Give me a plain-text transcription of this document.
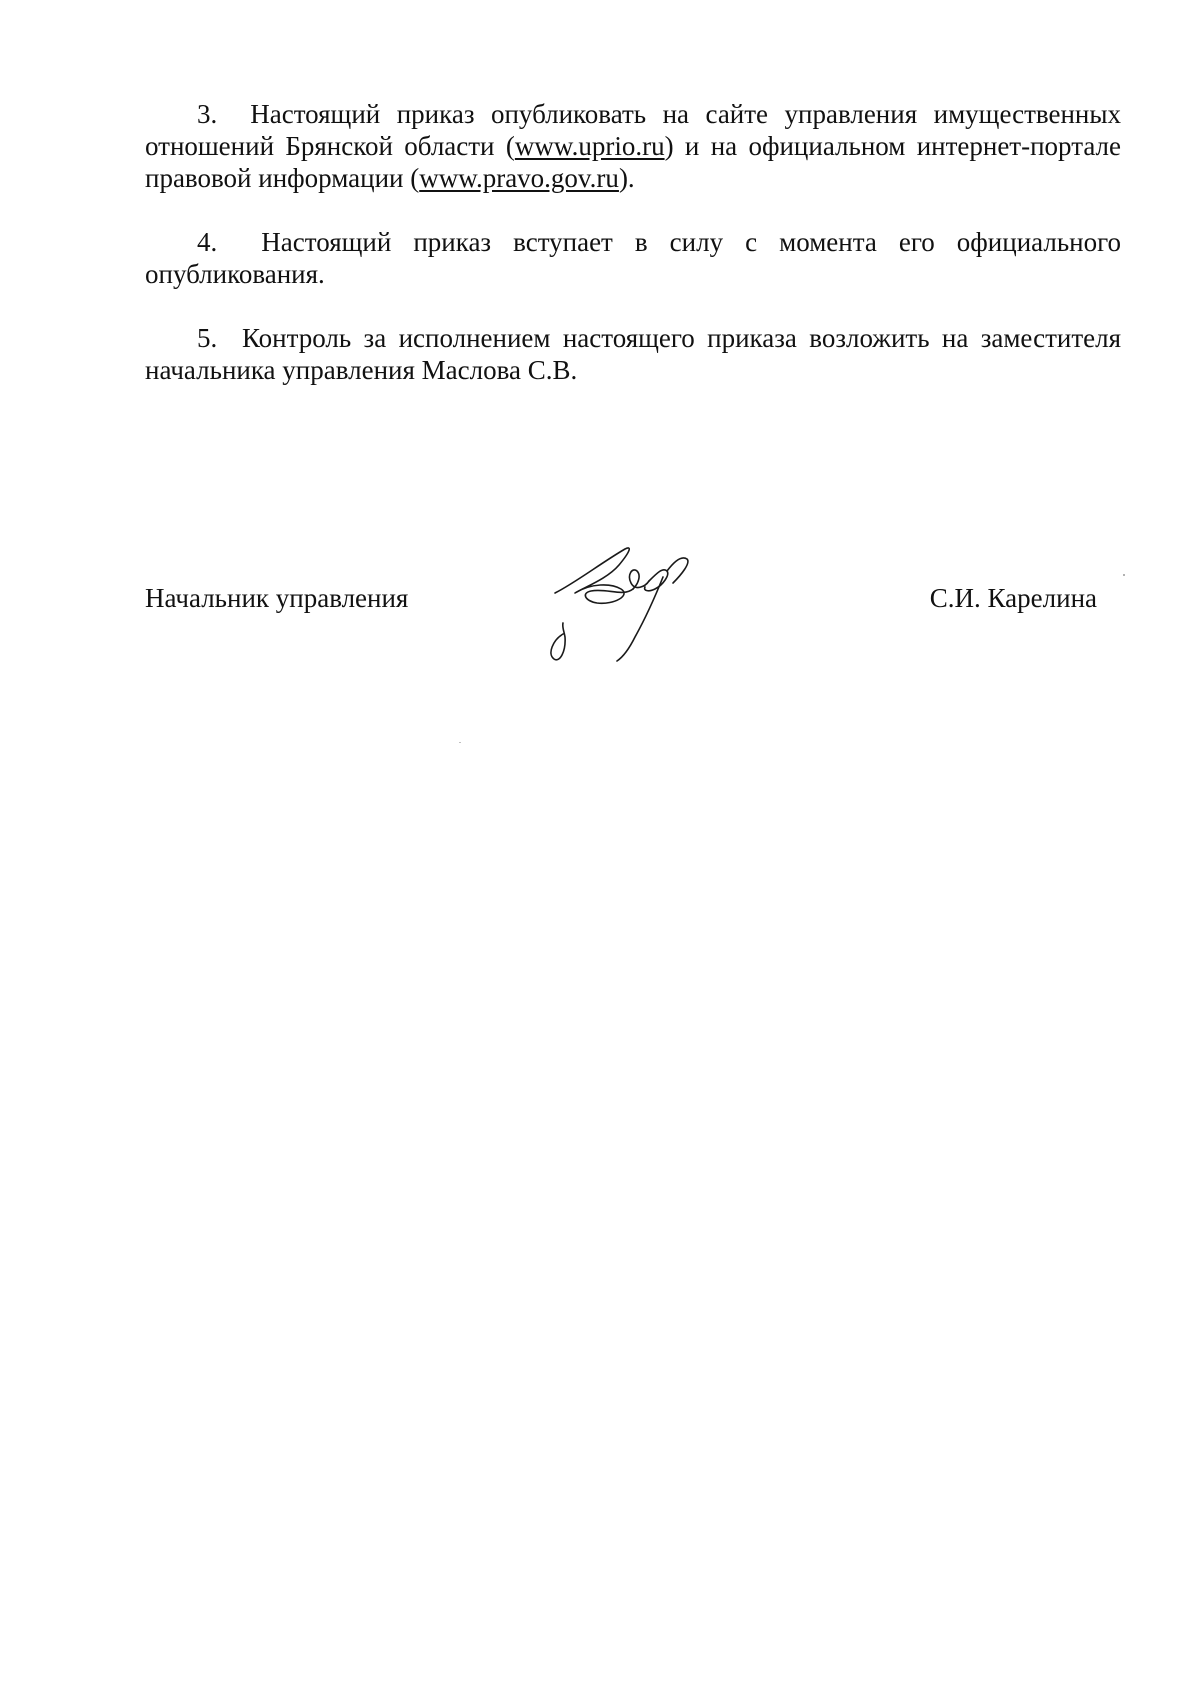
3. Настоящий приказ опубликовать на сайте управления имущественных отношений Брянской области (www.uprio.ru) и на официальном интернет-портале правовой информации (www.pravo.gov.ru).

4. Настоящий приказ вступает в силу с момента его официального опубликования.

5. Контроль за исполнением настоящего приказа возложить на заместителя начальника управления Маслова С.В.

Начальник управления	С.И. Карелина
